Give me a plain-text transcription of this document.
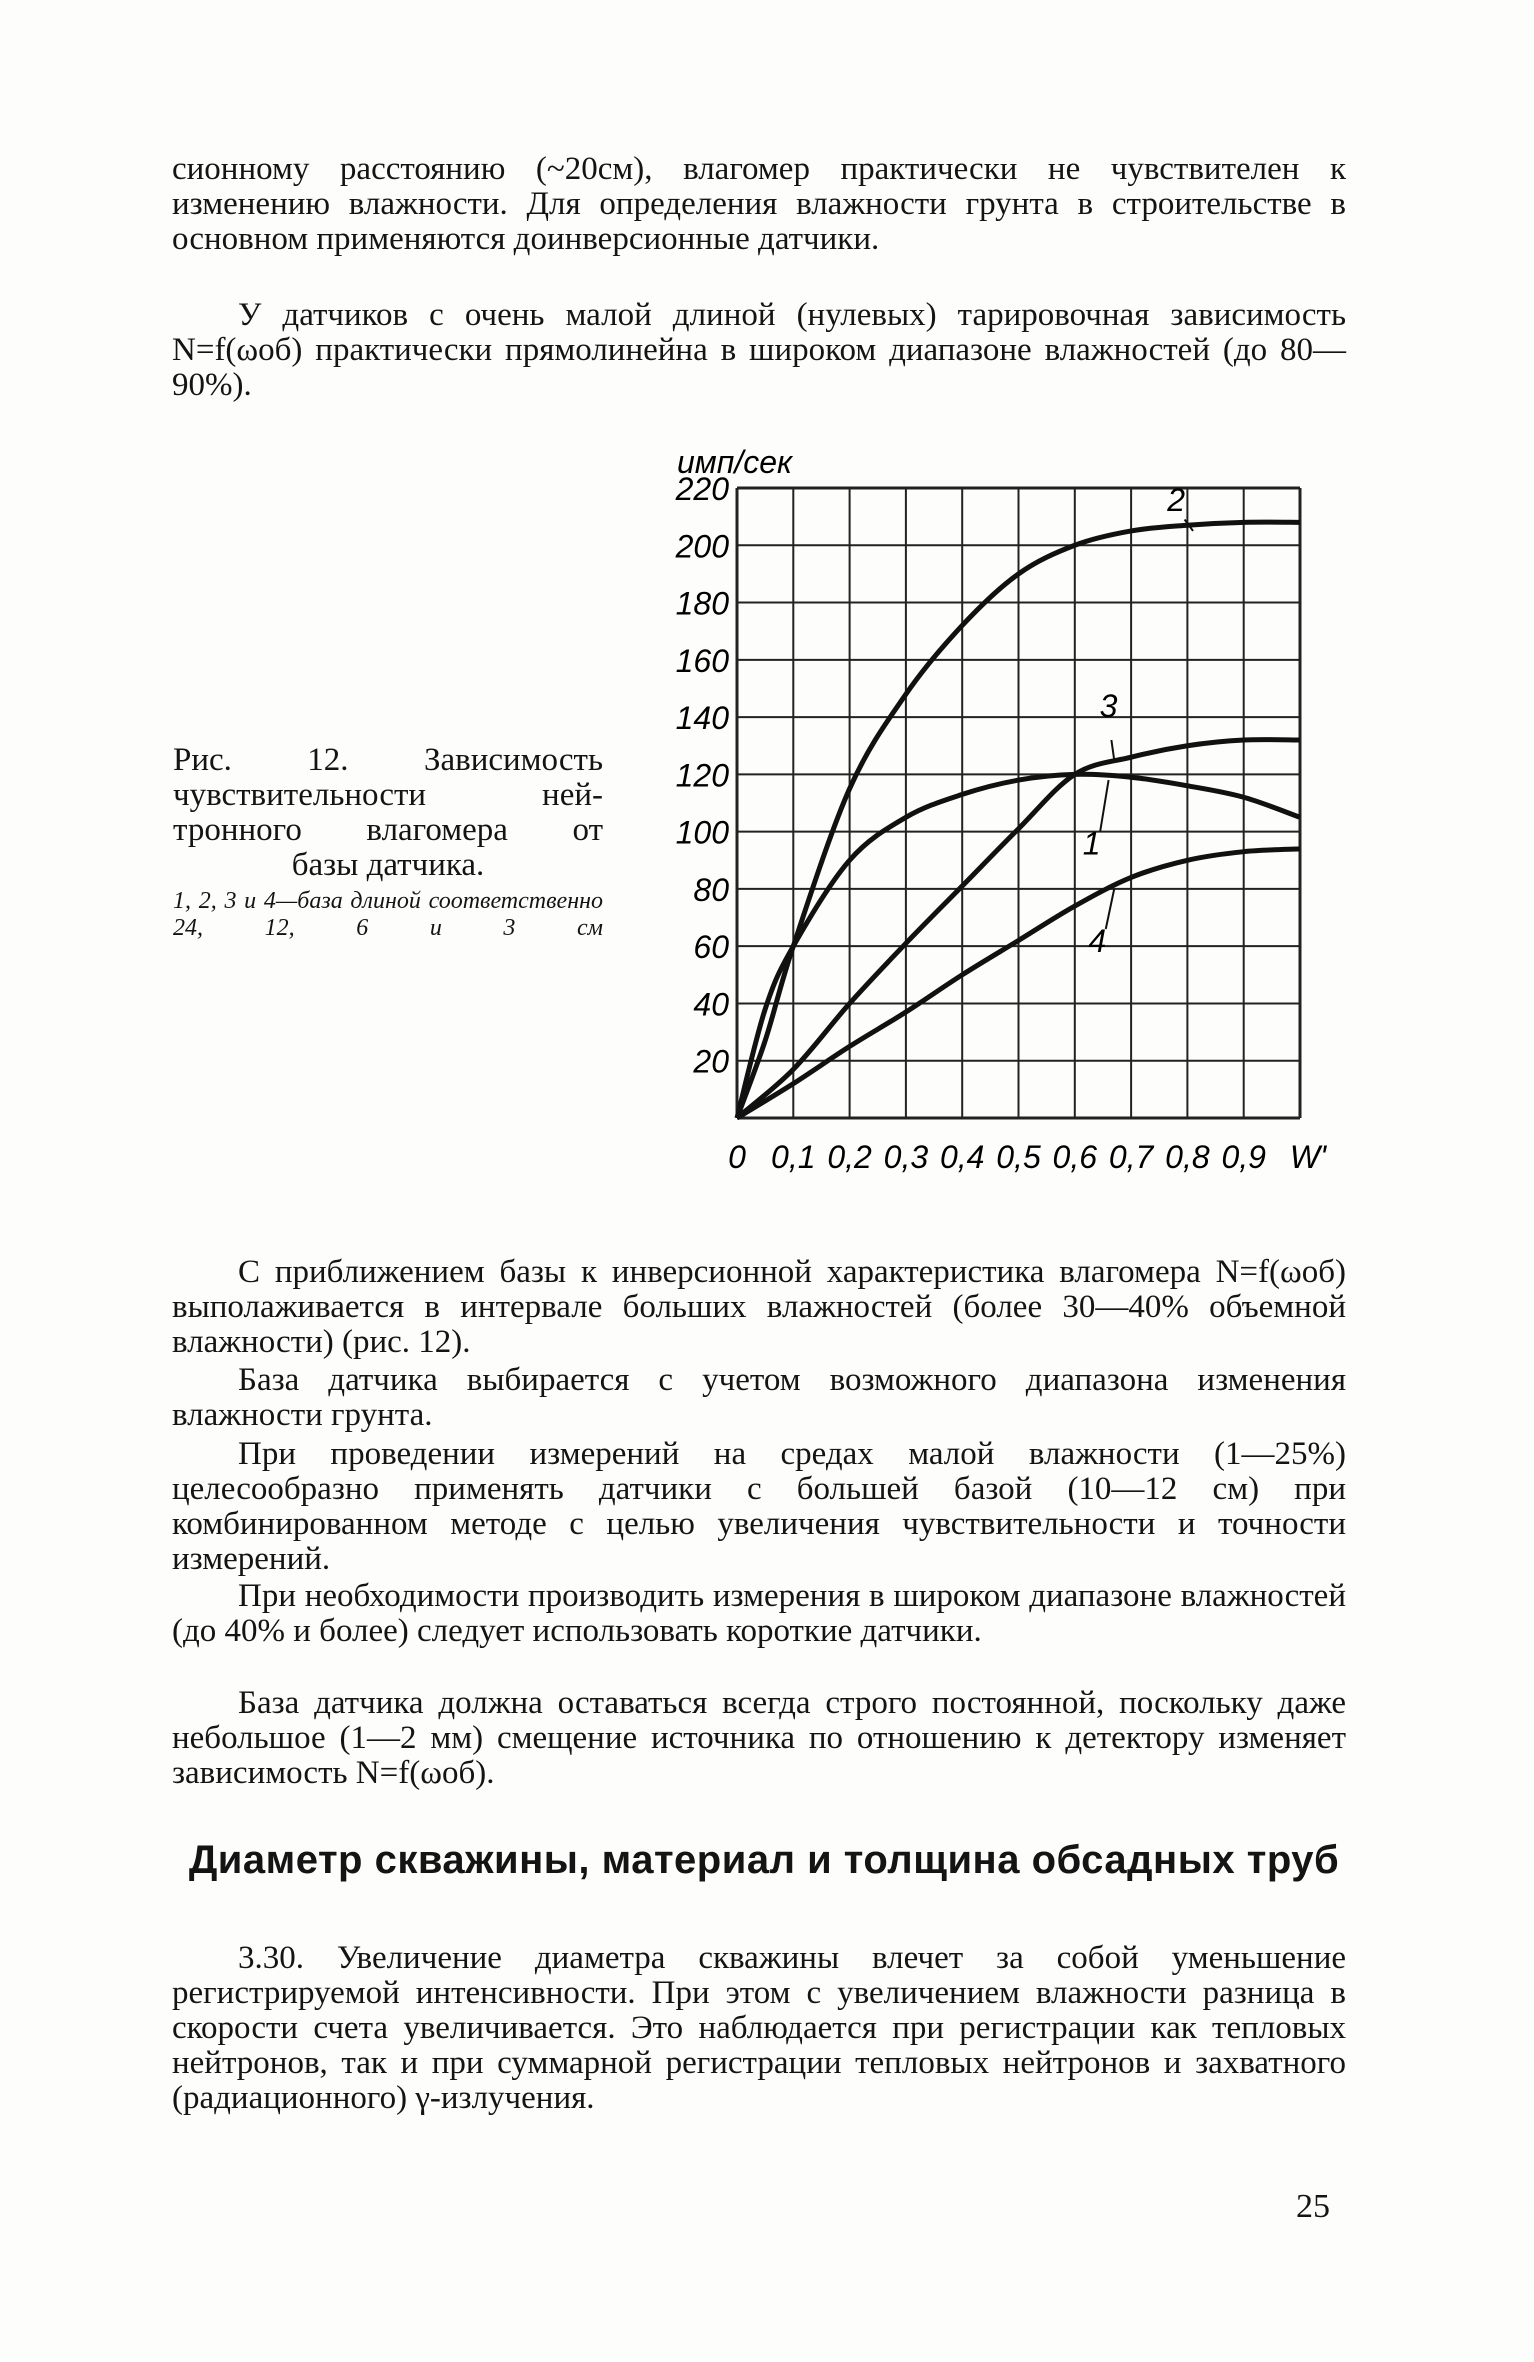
сионному расстоянию (~20см), влагомер практически не чувствителен к изменению влажности. Для определения влажности грунта в строительстве в основном применяются доинверсионные датчики.
У датчиков с очень малой длиной (нулевых) тарировочная зависимость N=f(ωоб) практически прямолинейна в широком диапазоне влажностей (до 80—90%).
Рис. 12. Зависимость
чувствительности ней-
тронного влагомера от
базы датчика.
1, 2, 3 и 4—база длиной соответственно 24, 12, 6 и 3 см
220
200
180
160
140
120
100
80
60
40
20
0 0,1 0,2 0,3 0,4 0,5 0,6 0,7 0,8 0,9 W'
1
2
3
4
имп/сек
С приближением базы к инверсионной характеристика влагомера N=f(ωоб) выполаживается в интервале больших влажностей (более 30—40% объемной влажности) (рис. 12).
База датчика выбирается с учетом возможного диапазона изменения влажности грунта.
При проведении измерений на средах малой влажности (1—25%) целесообразно применять датчики с большей базой (10—12 см) при комбинированном методе с целью увеличения чувствительности и точности измерений.
При необходимости производить измерения в широком диапазоне влажностей (до 40% и более) следует использовать короткие датчики.
База датчика должна оставаться всегда строго постоянной, поскольку даже небольшое (1—2 мм) смещение источника по отношению к детектору изменяет зависимость N=f(ωоб).
Диаметр скважины, материал и толщина обсадных труб
3.30. Увеличение диаметра скважины влечет за собой уменьшение регистрируемой интенсивности. При этом с увеличением влажности разница в скорости счета увеличивается. Это наблюдается при регистрации как тепловых нейтронов, так и при суммарной регистрации тепловых нейтронов и захватного (радиационного) γ-излучения.
25
